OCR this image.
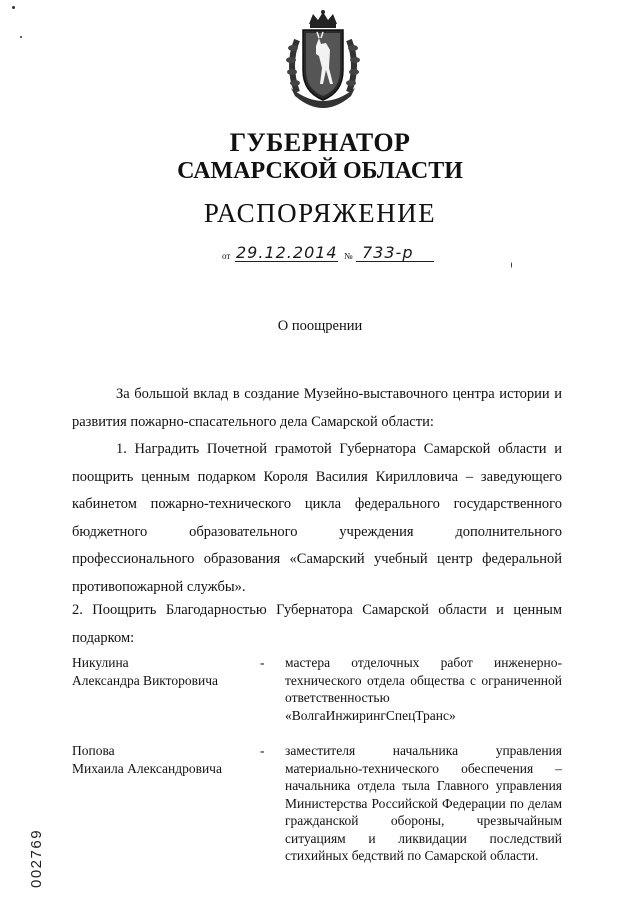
ГУБЕРНАТОР
САМАРСКОЙ ОБЛАСТИ
РАСПОРЯЖЕНИЕ
от 29.12.2014 № 733-р
О поощрении

За большой вклад в создание Музейно-выставочного центра истории и развития пожарно-спасательного дела Самарской области:

1. Наградить Почетной грамотой Губернатора Самарской области и поощрить ценным подарком Короля Василия Кирилловича – заведующего кабинетом пожарно-технического цикла федерального государственного бюджетного образовательного учреждения дополнительного профессионального образования «Самарский учебный центр федеральной противопожарной службы».

2. Поощрить Благодарностью Губернатора Самарской области и ценным подарком:

Никулина
Александра Викторовича
- мастера отделочных работ инженерно-технического отдела общества с ограниченной ответственностью «ВолгаИнжирингСпецТранс»
Попова
Михаила Александровича
- заместителя начальника управления материально-технического обеспечения – начальника отдела тыла Главного управления Министерства Российской Федерации по делам гражданской обороны, чрезвычайным ситуациям и ликвидации последствий стихийных бедствий по Самарской области.
002769
